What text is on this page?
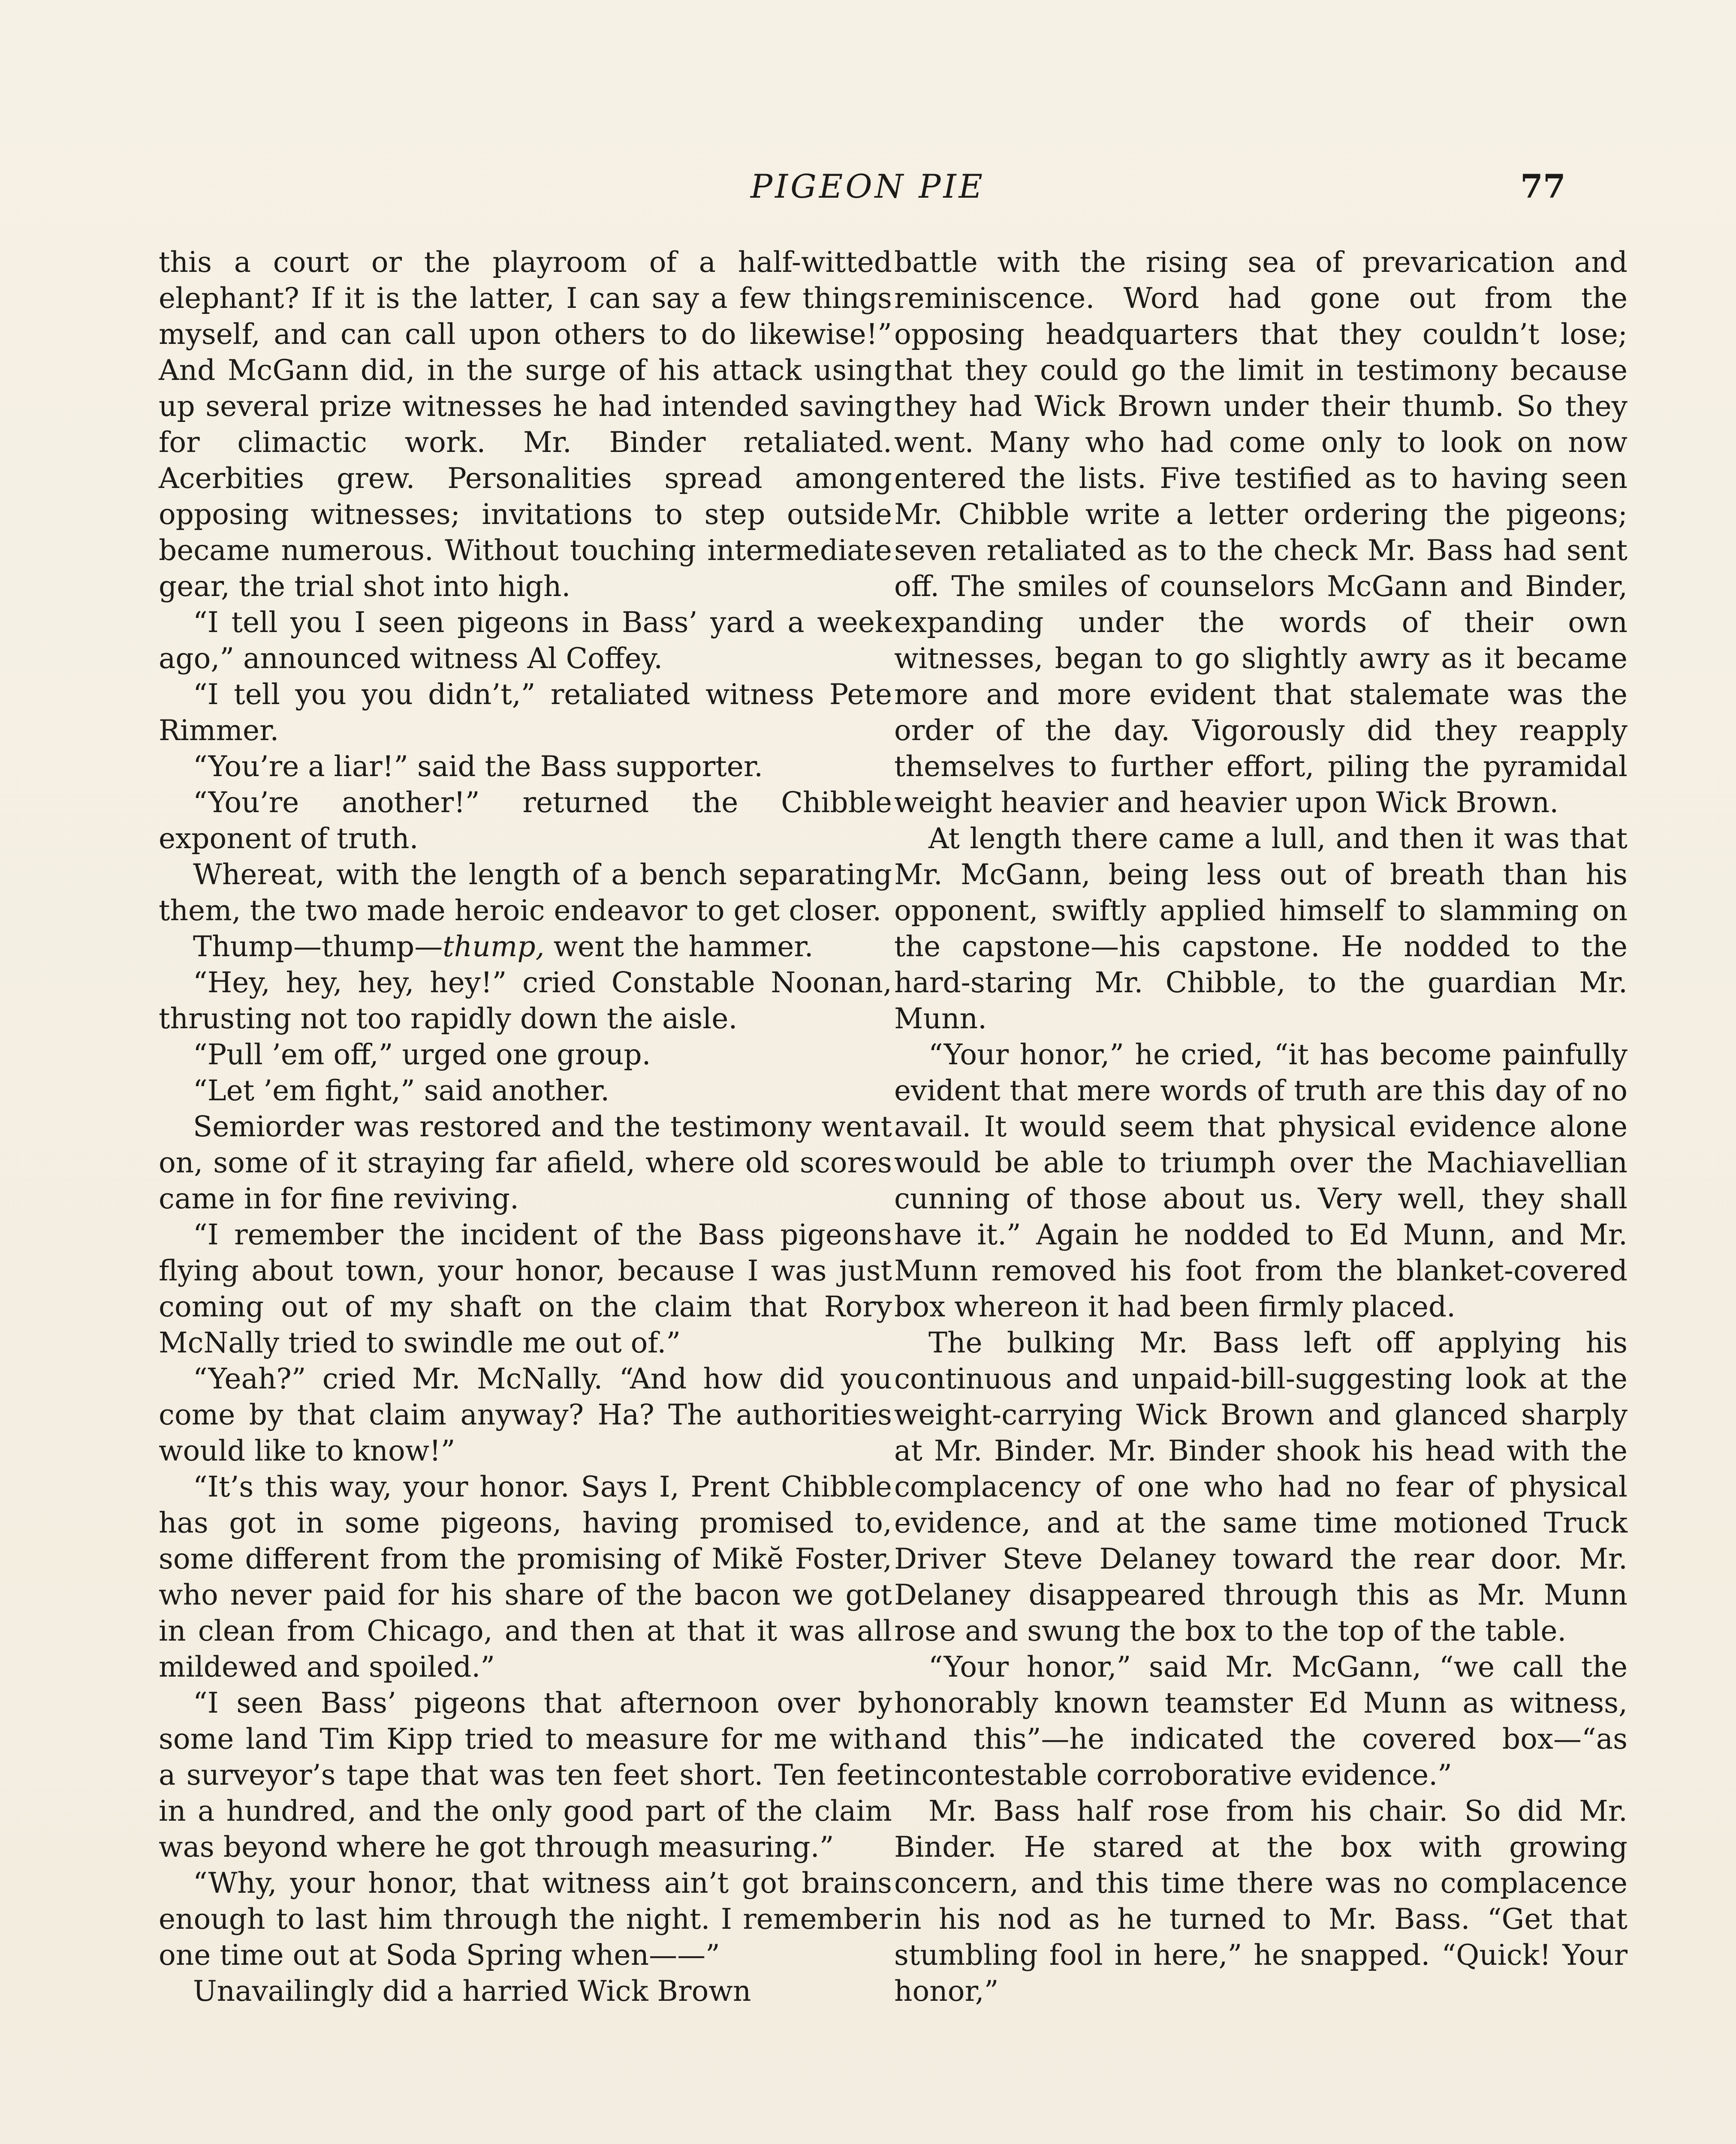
PIGEON PIE	77

this a court or the playroom of a half-witted elephant? If it is the latter, I can say a few things myself, and can call upon others to do likewise!” And McGann did, in the surge of his attack using up several prize witnesses he had intended saving for climactic work. Mr. Binder retaliated. Acerbities grew. Personalities spread among opposing witnesses; invitations to step outside became numerous. Without touching intermediate gear, the trial shot into high.

“I tell you I seen pigeons in Bass’ yard a week ago,” announced witness Al Coffey.

“I tell you you didn’t,” retaliated witness Pete Rimmer.

“You’re a liar!” said the Bass supporter.

“You’re another!” returned the Chibble exponent of truth.

Whereat, with the length of a bench separating them, the two made heroic endeavor to get closer.

Thump—thump—thump, went the hammer.

“Hey, hey, hey, hey!” cried Constable Noonan, thrusting not too rapidly down the aisle.

“Pull ’em off,” urged one group.

“Let ’em fight,” said another.

Semiorder was restored and the testimony went on, some of it straying far afield, where old scores came in for fine reviving.

“I remember the incident of the Bass pigeons flying about town, your honor, because I was just coming out of my shaft on the claim that Rory McNally tried to swindle me out of.”

“Yeah?” cried Mr. McNally. “And how did you come by that claim anyway? Ha? The authorities would like to know!”

“It’s this way, your honor. Says I, Prent Chibble has got in some pigeons, having promised to, some different from the promising of Mikĕ Foster, who never paid for his share of the bacon we got in clean from Chicago, and then at that it was all mildewed and spoiled.”

“I seen Bass’ pigeons that afternoon over by some land Tim Kipp tried to measure for me with a surveyor’s tape that was ten feet short. Ten feet in a hundred, and the only good part of the claim was beyond where he got through measuring.”

“Why, your honor, that witness ain’t got brains enough to last him through the night. I remember one time out at Soda Spring when——”

Unavailingly did a harried Wick Brown

battle with the rising sea of prevarication and reminiscence. Word had gone out from the opposing headquarters that they couldn’t lose; that they could go the limit in testimony because they had Wick Brown under their thumb. So they went. Many who had come only to look on now entered the lists. Five testified as to having seen Mr. Chibble write a letter ordering the pigeons; seven retaliated as to the check Mr. Bass had sent off. The smiles of counselors McGann and Binder, expanding under the words of their own witnesses, began to go slightly awry as it became more and more evident that stalemate was the order of the day. Vigorously did they reapply themselves to further effort, piling the pyramidal weight heavier and heavier upon Wick Brown.

At length there came a lull, and then it was that Mr. McGann, being less out of breath than his opponent, swiftly applied himself to slamming on the capstone—his capstone. He nodded to the hard-staring Mr. Chibble, to the guardian Mr. Munn.

“Your honor,” he cried, “it has become painfully evident that mere words of truth are this day of no avail. It would seem that physical evidence alone would be able to triumph over the Machiavellian cunning of those about us. Very well, they shall have it.” Again he nodded to Ed Munn, and Mr. Munn removed his foot from the blanket-covered box whereon it had been firmly placed.

The bulking Mr. Bass left off applying his continuous and unpaid-bill-suggesting look at the weight-carrying Wick Brown and glanced sharply at Mr. Binder. Mr. Binder shook his head with the complacency of one who had no fear of physical evidence, and at the same time motioned Truck Driver Steve Delaney toward the rear door. Mr. Delaney disappeared through this as Mr. Munn rose and swung the box to the top of the table.

“Your honor,” said Mr. McGann, “we call the honorably known teamster Ed Munn as witness, and this”—he indicated the covered box—“as incontestable corroborative evidence.”

Mr. Bass half rose from his chair. So did Mr. Binder. He stared at the box with growing concern, and this time there was no complacence in his nod as he turned to Mr. Bass. “Get that stumbling fool in here,” he snapped. “Quick! Your honor,”
